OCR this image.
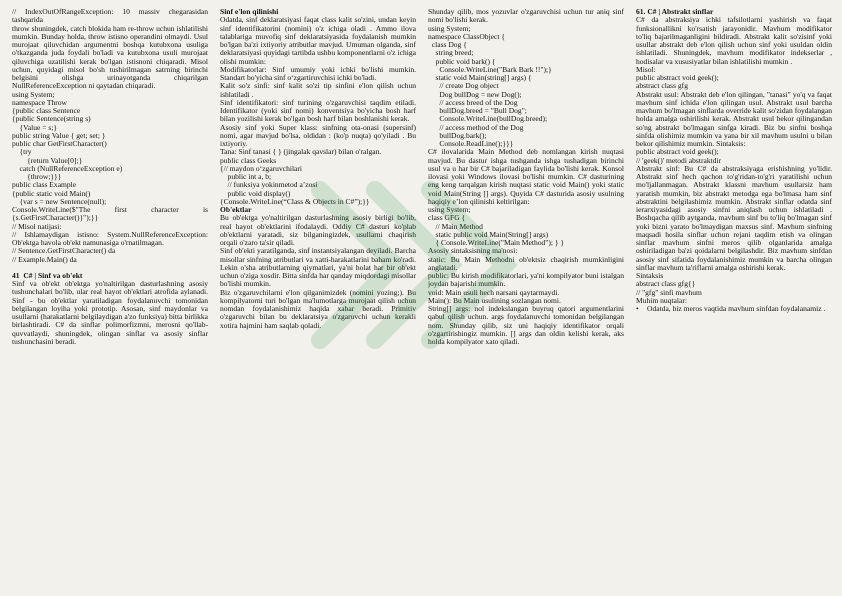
// IndexOutOfRangeException: 10 massiv chegarasidan tashqarida
throw shuningdek, catch blokida ham re-throw uchun ishlatilishi mumkin. Bunday holda, throw istisno operandini olmaydi. Usul murojaat qiluvchidan argumentni boshqa kutubxona usuliga o'tkazganda juda foydali bo'ladi va kutubxona usuli murojaat qiluvchiga uzatilishi kerak bo'lgan istisnoni chiqaradi. Misol uchun, quyidagi misol bo'sh tushirilmagan satrning birinchi belgisini olishga urinayotganda chiqarilgan NullReferenceException ni qaytadan chiqaradi.
using System;
namespace Throw
{public class Sentence
{public Sentence(string s)
{Value = s;}
public string Value { get; set; }
public char GetFirstCharacter()
{try
{return Value[0];}
catch (NullReferenceException e)
{throw;}}}
public class Example
{public static void Main()
{var s = new Sentence(null);
Console.WriteLine($"The first character is {s.GetFirstCharacter()}");}}
// Misol natijasi:
// Ishlamaydigan istisno: System.NullReferenceException: Ob'ektga havola ob'ekt namunasiga o'rnatilmagan.
// Sentence.GetFirstCharacter() da
// Example.Main() da
41  C# | Sinf va ob'ekt
Sinf va ob'ekt ob'ektga yo'naltirilgan dasturlashning asosiy tushunchalari bo'lib, ular real hayot ob'ektlari atrofida aylanadi. Sinf - bu ob'ektlar yaratiladigan foydalanuvchi tomonidan belgilangan loyiha yoki prototip. Asosan, sinf maydonlar va usullarni (harakatlarni belgilaydigan a'zo funksiya) bitta birlikka birlashtiradi. C# da sinflar polimorfizmni, merosni qo'llab-quvvatlaydi, shuningdek, olingan sinflar va asosiy sinflar tushunchasini beradi.
Sinf e'lon qilinishi
Odatda, sinf deklaratsiyasi faqat class kalit so'zini, undan keyin sinf identifikatorini (nomini) o'z ichiga oladi . Ammo ilova talablariga muvofiq sinf deklaratsiyasida foydalanish mumkin bo'lgan ba'zi ixtiyoriy atributlar mavjud. Umuman olganda, sinf deklaratsiyasi quyidagi tartibda ushbu komponentlarni o'z ichiga olishi mumkin:
Modifikatorlar: Sinf umumiy yoki ichki bo'lishi mumkin. Standart bo'yicha sinf o‘zgartiruvchisi ichki bo'ladi.
Kalit so'z sinfi: sinf kalit so'zi tip sinfini e'lon qilish uchun ishlatiladi .
Sinf identifikatori: sinf turining o'zgaruvchisi taqdim etiladi. Identifikator (yoki sinf nomi) konventsiya bo'yicha bosh harf bilan yozilishi kerak bo'lgan bosh harf bilan boshlanishi kerak.
Asosiy sinf yoki Super klass: sinfning ota-onasi (supersinf) nomi, agar mavjud bo'lsa, oldidan : (ko'p nuqta) qo'yiladi . Bu ixtiyoriy.
Tana: Sinf tanasi { } (jingalak qavslar) bilan o'ralgan.
public class Geeks
{// maydon o‘zgaruvchilari
public int a, b;
// funksiya yokinmetod a’zosi
public void display()
{Console.WriteLine(“Class & Objects in C#”);}}
Ob'ektlar
Bu ob'ektga yo'naltirilgan dasturlashning asosiy birligi bo'lib, real hayot ob'ektlarini ifodalaydi. Oddiy C# dasturi ko'plab ob'ektlarni yaratadi, siz bilganingizdek, usullarni chaqirish orqali o'zaro ta'sir qiladi.
Sinf ob'ekti yaratilganda, sinf instantsiyalangan deyiladi. Barcha misollar sinfning atributlari va xatti-harakatlarini baham ko'radi. Lekin o'sha atributlarning qiymatlari, ya'ni holat har bir ob'ekt uchun o'ziga xosdir. Bitta sinfda har qanday miqdordagi misollar bo'lishi mumkin.
Biz o'zgaruvchilarni e'lon qilganimizdek (nomini yozing;). Bu kompilyatorni turi bo'lgan ma'lumotlarga murojaat qilish uchun nomdan foydalanishimiz haqida xabar beradi. Primitiv o'zgaruvchi bilan bu deklaratsiya o'zgaruvchi uchun kerakli xotira hajmini ham saqlab qoladi.
Shunday qilib, mos yozuvlar o'zgaruvchisi uchun tur aniq sinf nomi bo'lishi kerak.
using System;
namespace ClassObject {
class Dog {
string breed;
public void bark() {
Console.WriteLine("Bark Bark !!");}
static void Main(string[] args) {
// create Dog object
Dog bullDog = new Dog();
// access breed of the Dog
bullDog.breed = "Bull Dog";
Console.WriteLine(bullDog.breed);
// access method of the Dog
bullDog.bark();
Console.ReadLine();}}}
C# ilovalarida Main Method deb nomlangan kirish nuqtasi mavjud. Bu dastur ishga tushganda ishga tushadigan birinchi usul va u har bir C# bajariladigan faylida bo'lishi kerak. Konsol ilovasi yoki Windows ilovasi bo'lishi mumkin. C# dasturining eng keng tarqalgan kirish nuqtasi static void Main() yoki static void Main(String [] args). Quyida C# dasturida asosiy usulning haqiqiy e’lon qilinishi keltirilgan:
using System;
class GFG {
// Main Method
static public void Main(String[] args)
{ Console.WriteLine("Main Method"); } }
Asosiy sintaksisning ma'nosi:
static: Bu Main Methodni ob'ektsiz chaqirish mumkinligini anglatadi.
public: Bu kirish modifikatorlari, ya'ni kompilyator buni istalgan joydan bajarishi mumkin.
void: Main usuli hech narsani qaytarmaydi.
Main(): Bu Main usulining sozlangan nomi.
String[] args: nol indekslangan buyruq qatori argumentlarini qabul qilish uchun. args foydalanuvchi tomonidan belgilangan nom. Shunday qilib, siz uni haqiqiy identifikator orqali o'zgartirishingiz mumkin. [] args dan oldin kelishi kerak, aks holda kompilyator xato qiladi.
61. C# | Abstrakt sinflar
C# da abstraksiya ichki tafsilotlarni yashirish va faqat funksionallikni ko'rsatish jarayonidir. Mavhum modifikator to'liq bajarilmaganligini bildiradi. Abstrakt kalit so'zisinf yoki usullar abstrakt deb e'lon qilish uchun sinf yoki usuldan oldin ishlatiladi. Shuningdek, mavhum modifikator indekserlar , hodisalar va xususiyatlar bilan ishlatilishi mumkin .
Misol:
public abstract void geek();
abstract class gfg
Abstrakt usul: Abstrakt deb e'lon qilingan, "tanasi" yo'q va faqat mavhum sinf ichida e'lon qilingan usul. Abstrakt usul barcha mavhum bo'lmagan sinflarda override kalit so'zidan foydalangan holda amalga oshirilishi kerak. Abstrakt usul bekor qilingandan so'ng abstrakt bo'lmagan sinfga kiradi. Biz bu sinfni boshqa sinfda olishimiz mumkin va yana bir xil mavhum usulni u bilan bekor qilishimiz mumkin. Sintaksis:
public abstract void geek();
// 'geek()' metodi abstraktdir
Abstrakt sinf: Bu C# da abstraksiyaga erishishning yo'lidir. Abstrakt sinf hech qachon to'g'ridan-to'g'ri yaratilishi uchun mo'ljallanmagan. Abstrakt klassni mavhum usullarsiz ham yaratish mumkin, biz abstrakt metodga ega bo'lmasa ham sinf abstraktini belgilashimiz mumkin. Abstrakt sinflar odatda sinf ierarxiyasidagi asosiy sinfni aniqlash uchun ishlatiladi . Boshqacha qilib aytganda, mavhum sinf bu to'liq bo'lmagan sinf yoki bizni yarato bo'lmaydigan maxsus sinf. Mavhum sinfning maqsadi hosila sinflar uchun rejani taqdim etish va olingan sinflar mavhum sinfni meros qilib olganlarida amalga oshiriladigan ba'zi qoidalarni belgilashdir. Biz mavhum sinfdan asosiy sinf sifatida foydalanishimiz mumkin va barcha olingan sinflar mavhum ta'riflarni amalga oshirishi kerak.
Sintaksis
abstract class gfg{}
// "gfg" sinfi mavhum
Muhim nuqtalar:
• Odatda, biz meros vaqtida mavhum sinfdan foydalanamiz .
